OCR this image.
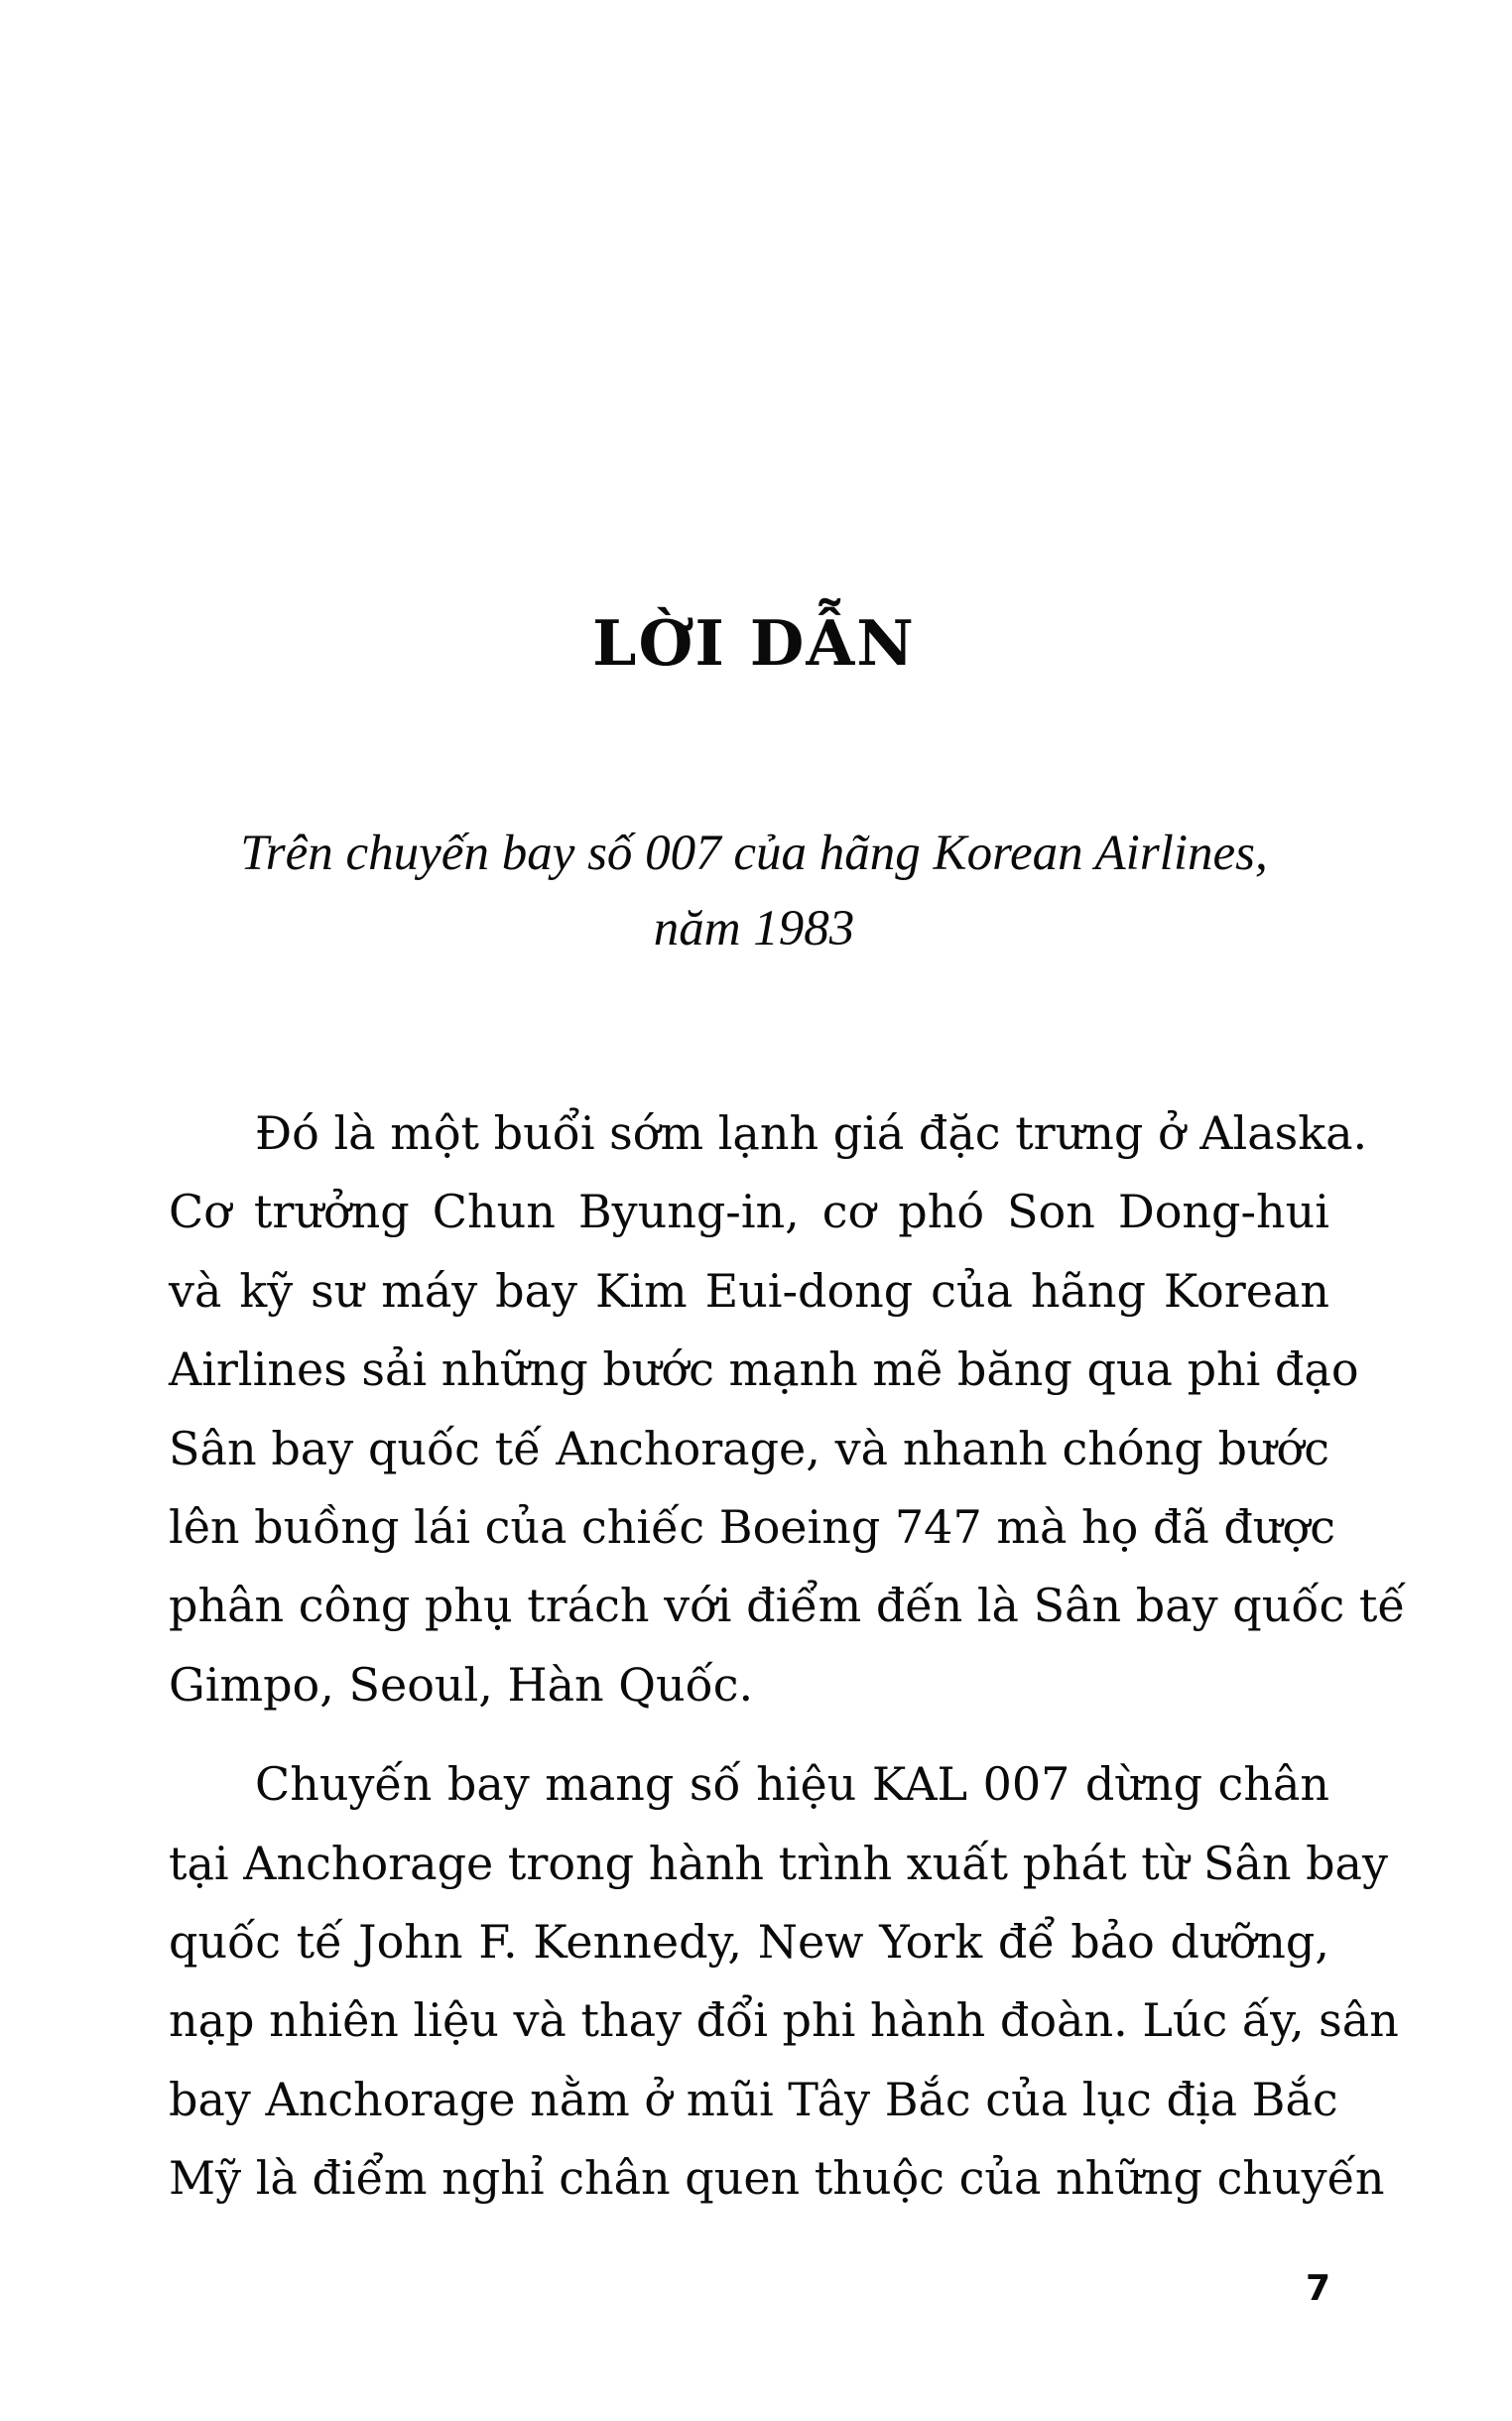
LỜI DẪN
Trên chuyến bay số 007 của hãng Korean Airlines,
năm 1983
Đó là một buổi sớm lạnh giá đặc trưng ở Alaska.
Cơ trưởng Chun Byung-in, cơ phó Son Dong-hui
và kỹ sư máy bay Kim Eui-dong của hãng Korean
Airlines sải những bước mạnh mẽ băng qua phi đạo
Sân bay quốc tế Anchorage, và nhanh chóng bước
lên buồng lái của chiếc Boeing 747 mà họ đã được
phân công phụ trách với điểm đến là Sân bay quốc tế
Gimpo, Seoul, Hàn Quốc.
Chuyến bay mang số hiệu KAL 007 dừng chân
tại Anchorage trong hành trình xuất phát từ Sân bay
quốc tế John F. Kennedy, New York để bảo dưỡng,
nạp nhiên liệu và thay đổi phi hành đoàn. Lúc ấy, sân
bay Anchorage nằm ở mũi Tây Bắc của lục địa Bắc
Mỹ là điểm nghỉ chân quen thuộc của những chuyến
7
